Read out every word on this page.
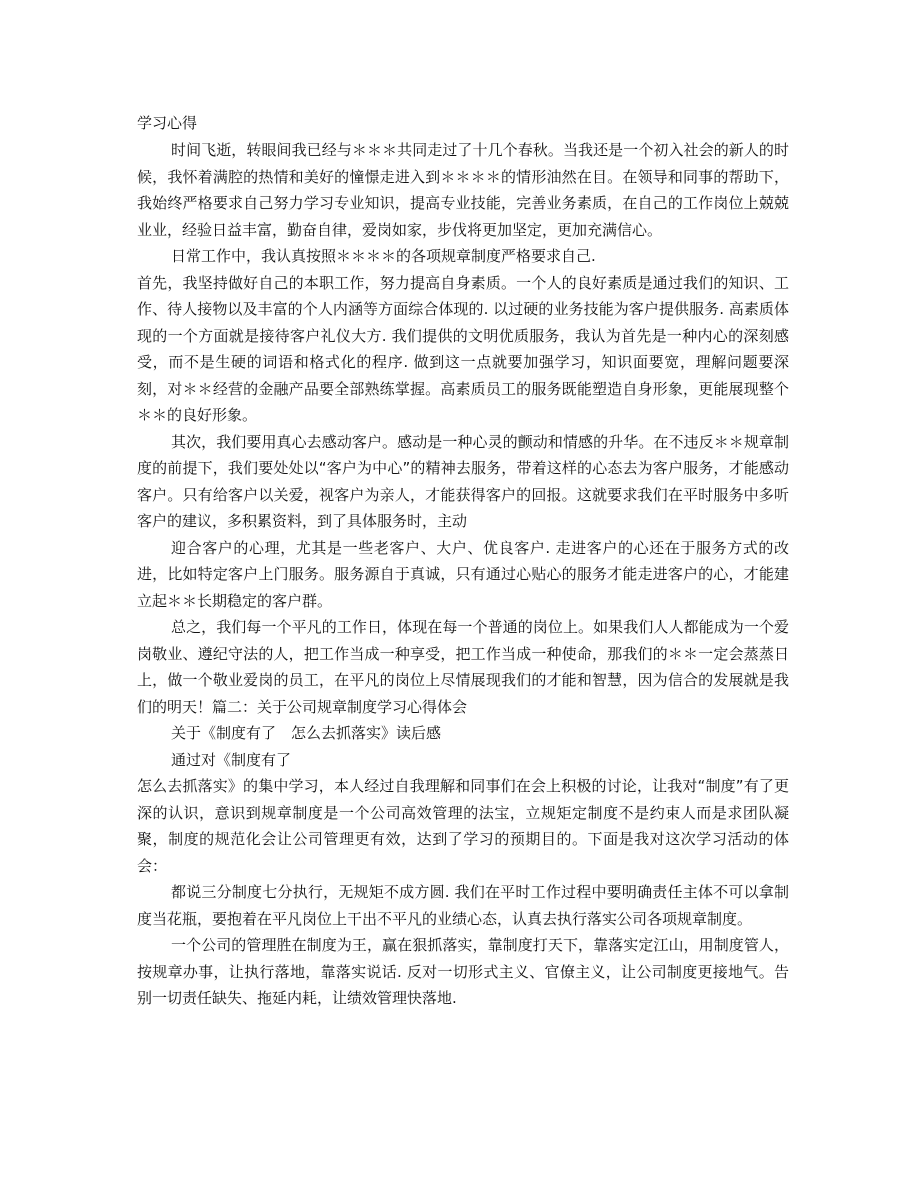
学习心得

时间飞逝，转眼间我已经与＊＊＊共同走过了十几个春秋。当我还是一个初入社会的新人的时候，我怀着满腔的热情和美好的憧憬走进入到＊＊＊＊的情形油然在目。在领导和同事的帮助下，我始终严格要求自己努力学习专业知识，提高专业技能，完善业务素质，在自己的工作岗位上兢兢业业，经验日益丰富，勤奋自律，爱岗如家，步伐将更加坚定，更加充满信心。

日常工作中，我认真按照＊＊＊＊的各项规章制度严格要求自己.

首先，我坚持做好自己的本职工作，努力提高自身素质。一个人的良好素质是通过我们的知识、工作、待人接物以及丰富的个人内涵等方面综合体现的. 以过硬的业务技能为客户提供服务. 高素质体现的一个方面就是接待客户礼仪大方. 我们提供的文明优质服务，我认为首先是一种内心的深刻感受，而不是生硬的词语和格式化的程序. 做到这一点就要加强学习，知识面要宽，理解问题要深刻，对＊＊经营的金融产品要全部熟练掌握。高素质员工的服务既能塑造自身形象，更能展现整个＊＊的良好形象。

其次，我们要用真心去感动客户。感动是一种心灵的颤动和情感的升华。在不违反＊＊规章制度的前提下，我们要处处以“客户为中心”的精神去服务，带着这样的心态去为客户服务，才能感动客户。只有给客户以关爱，视客户为亲人，才能获得客户的回报。这就要求我们在平时服务中多听客户的建议，多积累资料，到了具体服务时，主动

迎合客户的心理，尤其是一些老客户、大户、优良客户. 走进客户的心还在于服务方式的改进，比如特定客户上门服务。服务源自于真诚，只有通过心贴心的服务才能走进客户的心，才能建立起＊＊长期稳定的客户群。

总之，我们每一个平凡的工作日，体现在每一个普通的岗位上。如果我们人人都能成为一个爱岗敬业、遵纪守法的人，把工作当成一种享受，把工作当成一种使命，那我们的＊＊一定会蒸蒸日上，做一个敬业爱岗的员工，在平凡的岗位上尽情展现我们的才能和智慧，因为信合的发展就是我们的明天！篇二：关于公司规章制度学习心得体会

关于《制度有了　怎么去抓落实》读后感

通过对《制度有了

怎么去抓落实》的集中学习，本人经过自我理解和同事们在会上积极的讨论，让我对“制度”有了更深的认识，意识到规章制度是一个公司高效管理的法宝，立规矩定制度不是约束人而是求团队凝聚，制度的规范化会让公司管理更有效，达到了学习的预期目的。下面是我对这次学习活动的体会：

都说三分制度七分执行，无规矩不成方圆. 我们在平时工作过程中要明确责任主体不可以拿制度当花瓶，要抱着在平凡岗位上干出不平凡的业绩心态，认真去执行落实公司各项规章制度。

一个公司的管理胜在制度为王，赢在狠抓落实，靠制度打天下，靠落实定江山，用制度管人，按规章办事，让执行落地，靠落实说话. 反对一切形式主义、官僚主义，让公司制度更接地气。告别一切责任缺失、拖延内耗，让绩效管理快落地.
